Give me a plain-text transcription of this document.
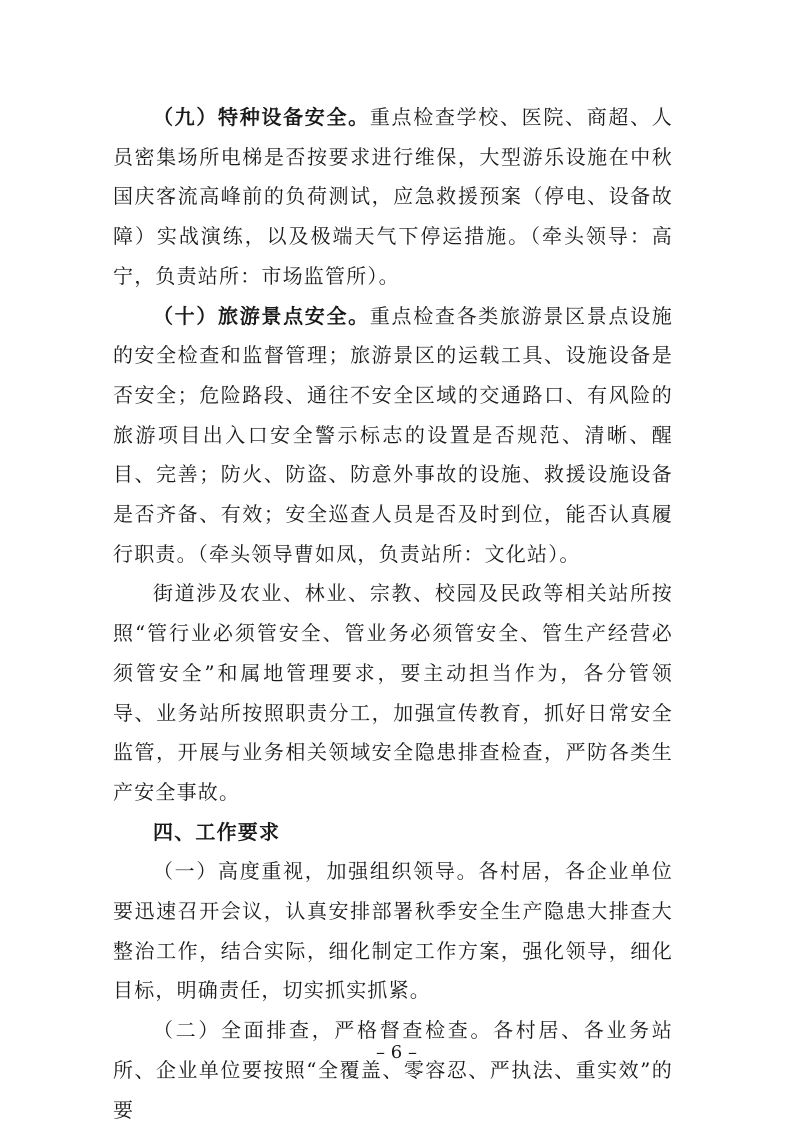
（九）特种设备安全。重点检查学校、医院、商超、人员密集场所电梯是否按要求进行维保，大型游乐设施在中秋国庆客流高峰前的负荷测试，应急救援预案（停电、设备故障）实战演练，以及极端天气下停运措施。（牵头领导：高宁，负责站所：市场监管所）。

（十）旅游景点安全。重点检查各类旅游景区景点设施的安全检查和监督管理；旅游景区的运载工具、设施设备是否安全；危险路段、通往不安全区域的交通路口、有风险的旅游项目出入口安全警示标志的设置是否规范、清晰、醒目、完善；防火、防盗、防意外事故的设施、救援设施设备是否齐备、有效；安全巡查人员是否及时到位，能否认真履行职责。（牵头领导曹如凤，负责站所：文化站）。

街道涉及农业、林业、宗教、校园及民政等相关站所按照“管行业必须管安全、管业务必须管安全、管生产经营必须管安全”和属地管理要求，要主动担当作为，各分管领导、业务站所按照职责分工，加强宣传教育，抓好日常安全监管，开展与业务相关领域安全隐患排查检查，严防各类生产安全事故。

四、工作要求

（一）高度重视，加强组织领导。各村居，各企业单位要迅速召开会议，认真安排部署秋季安全生产隐患大排查大整治工作，结合实际，细化制定工作方案，强化领导，细化目标，明确责任，切实抓实抓紧。

（二）全面排查，严格督查检查。各村居、各业务站所、企业单位要按照“全覆盖、零容忍、严执法、重实效”的要

– 6 –
